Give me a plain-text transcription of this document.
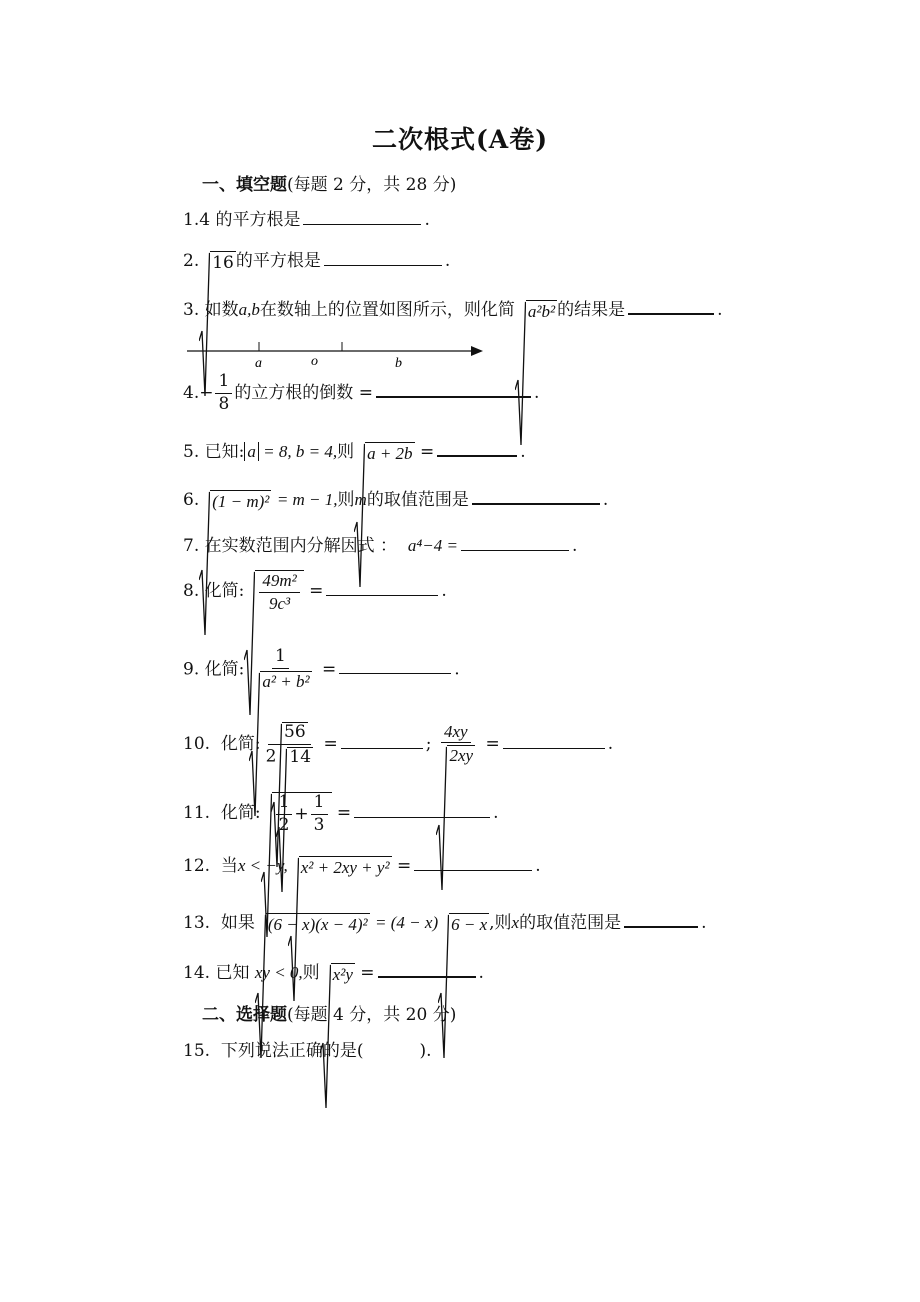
二次根式(A卷)
一、填空题(每题 2 分，共 28 分)
1.4 的平方根是	.
2. 16 的平方根是	.
3. 如数a,b在数轴上的位置如图所示，则化简 a²b² 的结果是	.
a	o	b
$4.- \frac{1}{8}$ 的立方根的倒数 =	.
5. 已知: a = 8, b = 4,则 a + 2b =	.
6. (1 − m)² = m − 1,则m的取值范围是	.
7. 在实数范围内分解因式 ： a⁴−4 =	.
8. 化简: $\frac{\text{49m²}}{\text{9c³}}$ =	.
9. 化简: $\frac{1}{\text{a² + b²}}$ =	.
10. 化简: $\frac{56}{2 14}$ =	; $\frac{4xy}{2xy}$ =	.
11. 化简: $\frac{1}{2} + \frac{1}{3}$ =	.
12. 当x < −y, x² + 2xy + y² =	.
13. 如果 (6 − x)(x − 4)² = (4 − x) 6 − x ,则x的取值范围是	.
14. 已知 xy < 0,则 x²y =	.
二、选择题(每题 4 分，共 20 分)
15. 下列说法正确的是(	).
